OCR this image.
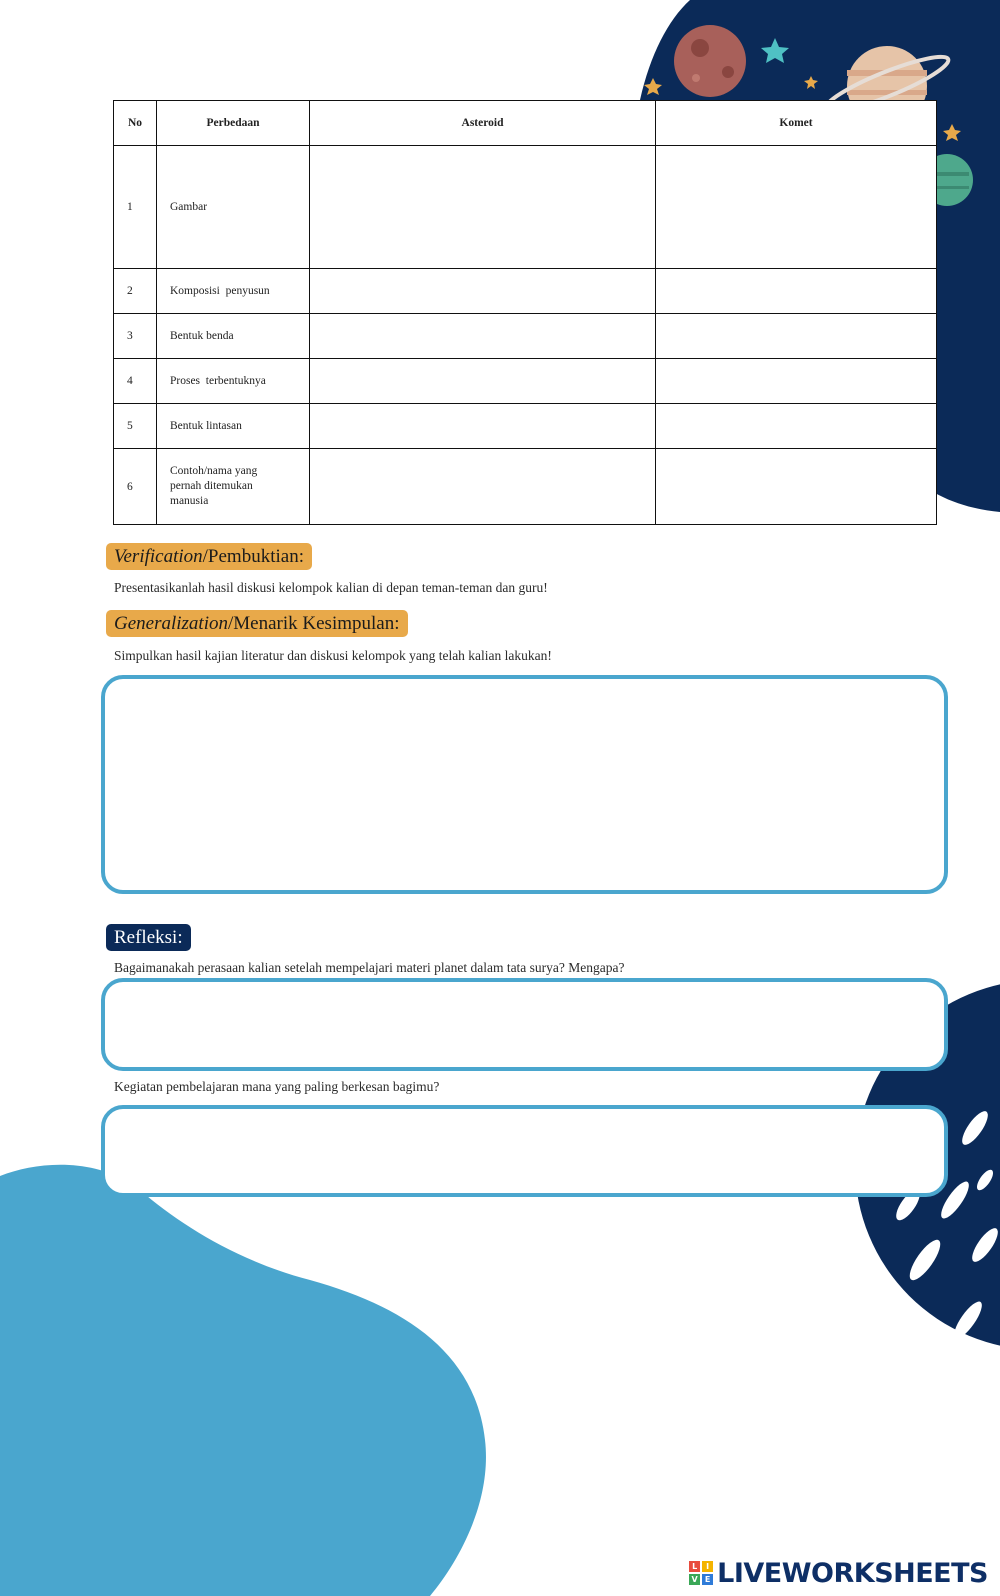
No	Perbedaan	Asteroid	Komet
1	Gambar		
2	Komposisi  penyusun		
3	Bentuk benda		
4	Proses  terbentuknya		
5	Bentuk lintasan		
6	Contoh/nama yang pernah ditemukan manusia		
Verification/Pembuktian:
Presentasikanlah hasil diskusi kelompok kalian di depan teman-teman dan guru!
Generalization/Menarik Kesimpulan:
Simpulkan hasil kajian literatur dan diskusi kelompok yang telah kalian lakukan!
Refleksi:
Bagaimanakah perasaan kalian setelah mempelajari materi planet dalam tata surya? Mengapa?
Kegiatan pembelajaran mana yang paling berkesan bagimu?
L	I
V E LIVEWORKSHEETS
